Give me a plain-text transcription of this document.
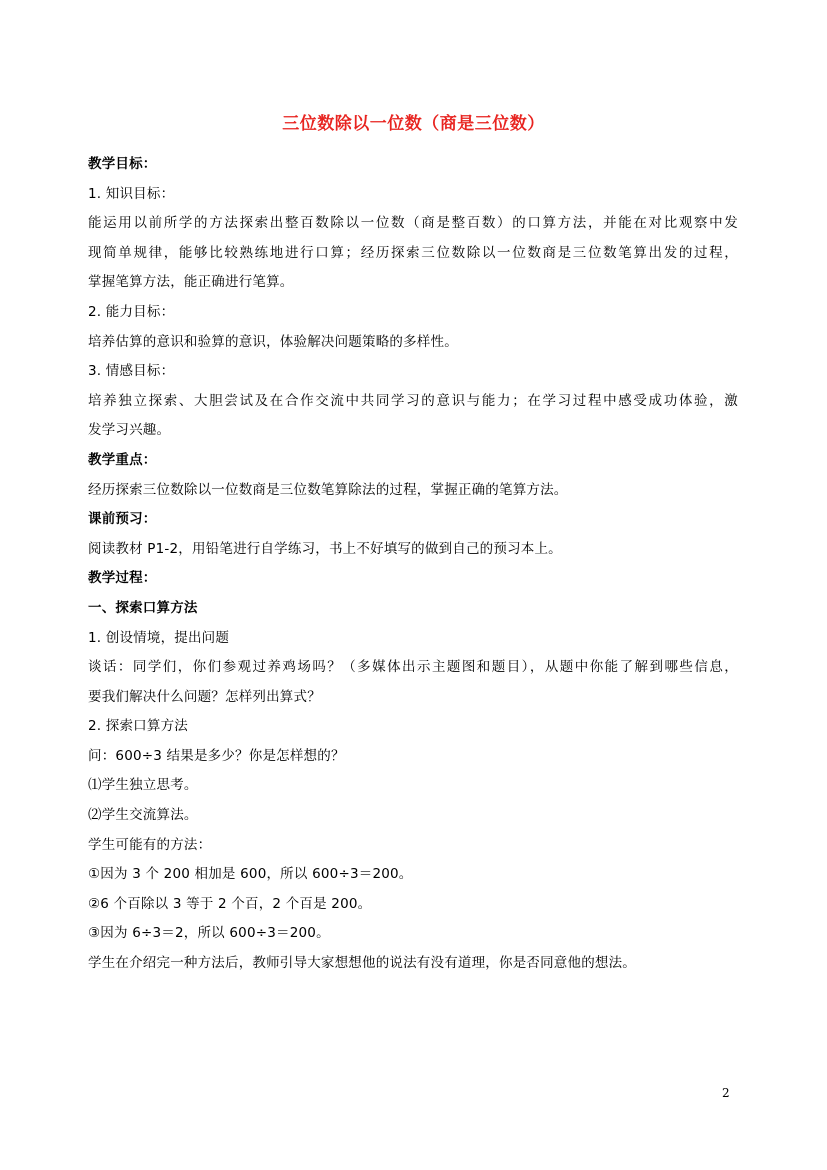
三位数除以一位数（商是三位数）
教学目标：
1. 知识目标：
能运用以前所学的方法探索出整百数除以一位数（商是整百数）的口算方法，并能在对比观察中发
现简单规律，能够比较熟练地进行口算；经历探索三位数除以一位数商是三位数笔算出发的过程，
掌握笔算方法，能正确进行笔算。
2. 能力目标：
培养估算的意识和验算的意识，体验解决问题策略的多样性。
3. 情感目标：
培养独立探索、大胆尝试及在合作交流中共同学习的意识与能力；在学习过程中感受成功体验，激
发学习兴趣。
教学重点：
经历探索三位数除以一位数商是三位数笔算除法的过程，掌握正确的笔算方法。
课前预习：
阅读教材 P1-2，用铅笔进行自学练习，书上不好填写的做到自己的预习本上。
教学过程：
一、探索口算方法
1. 创设情境，提出问题
谈话：同学们，你们参观过养鸡场吗？（多媒体出示主题图和题目），从题中你能了解到哪些信息，
要我们解决什么问题？怎样列出算式？
2. 探索口算方法
问：600÷3 结果是多少？你是怎样想的？
⑴学生独立思考。
⑵学生交流算法。
学生可能有的方法：
①因为 3 个 200 相加是 600，所以 600÷3＝200。
②6 个百除以 3 等于 2 个百，2 个百是 200。
③因为 6÷3＝2，所以 600÷3＝200。
学生在介绍完一种方法后，教师引导大家想想他的说法有没有道理，你是否同意他的想法。
2
